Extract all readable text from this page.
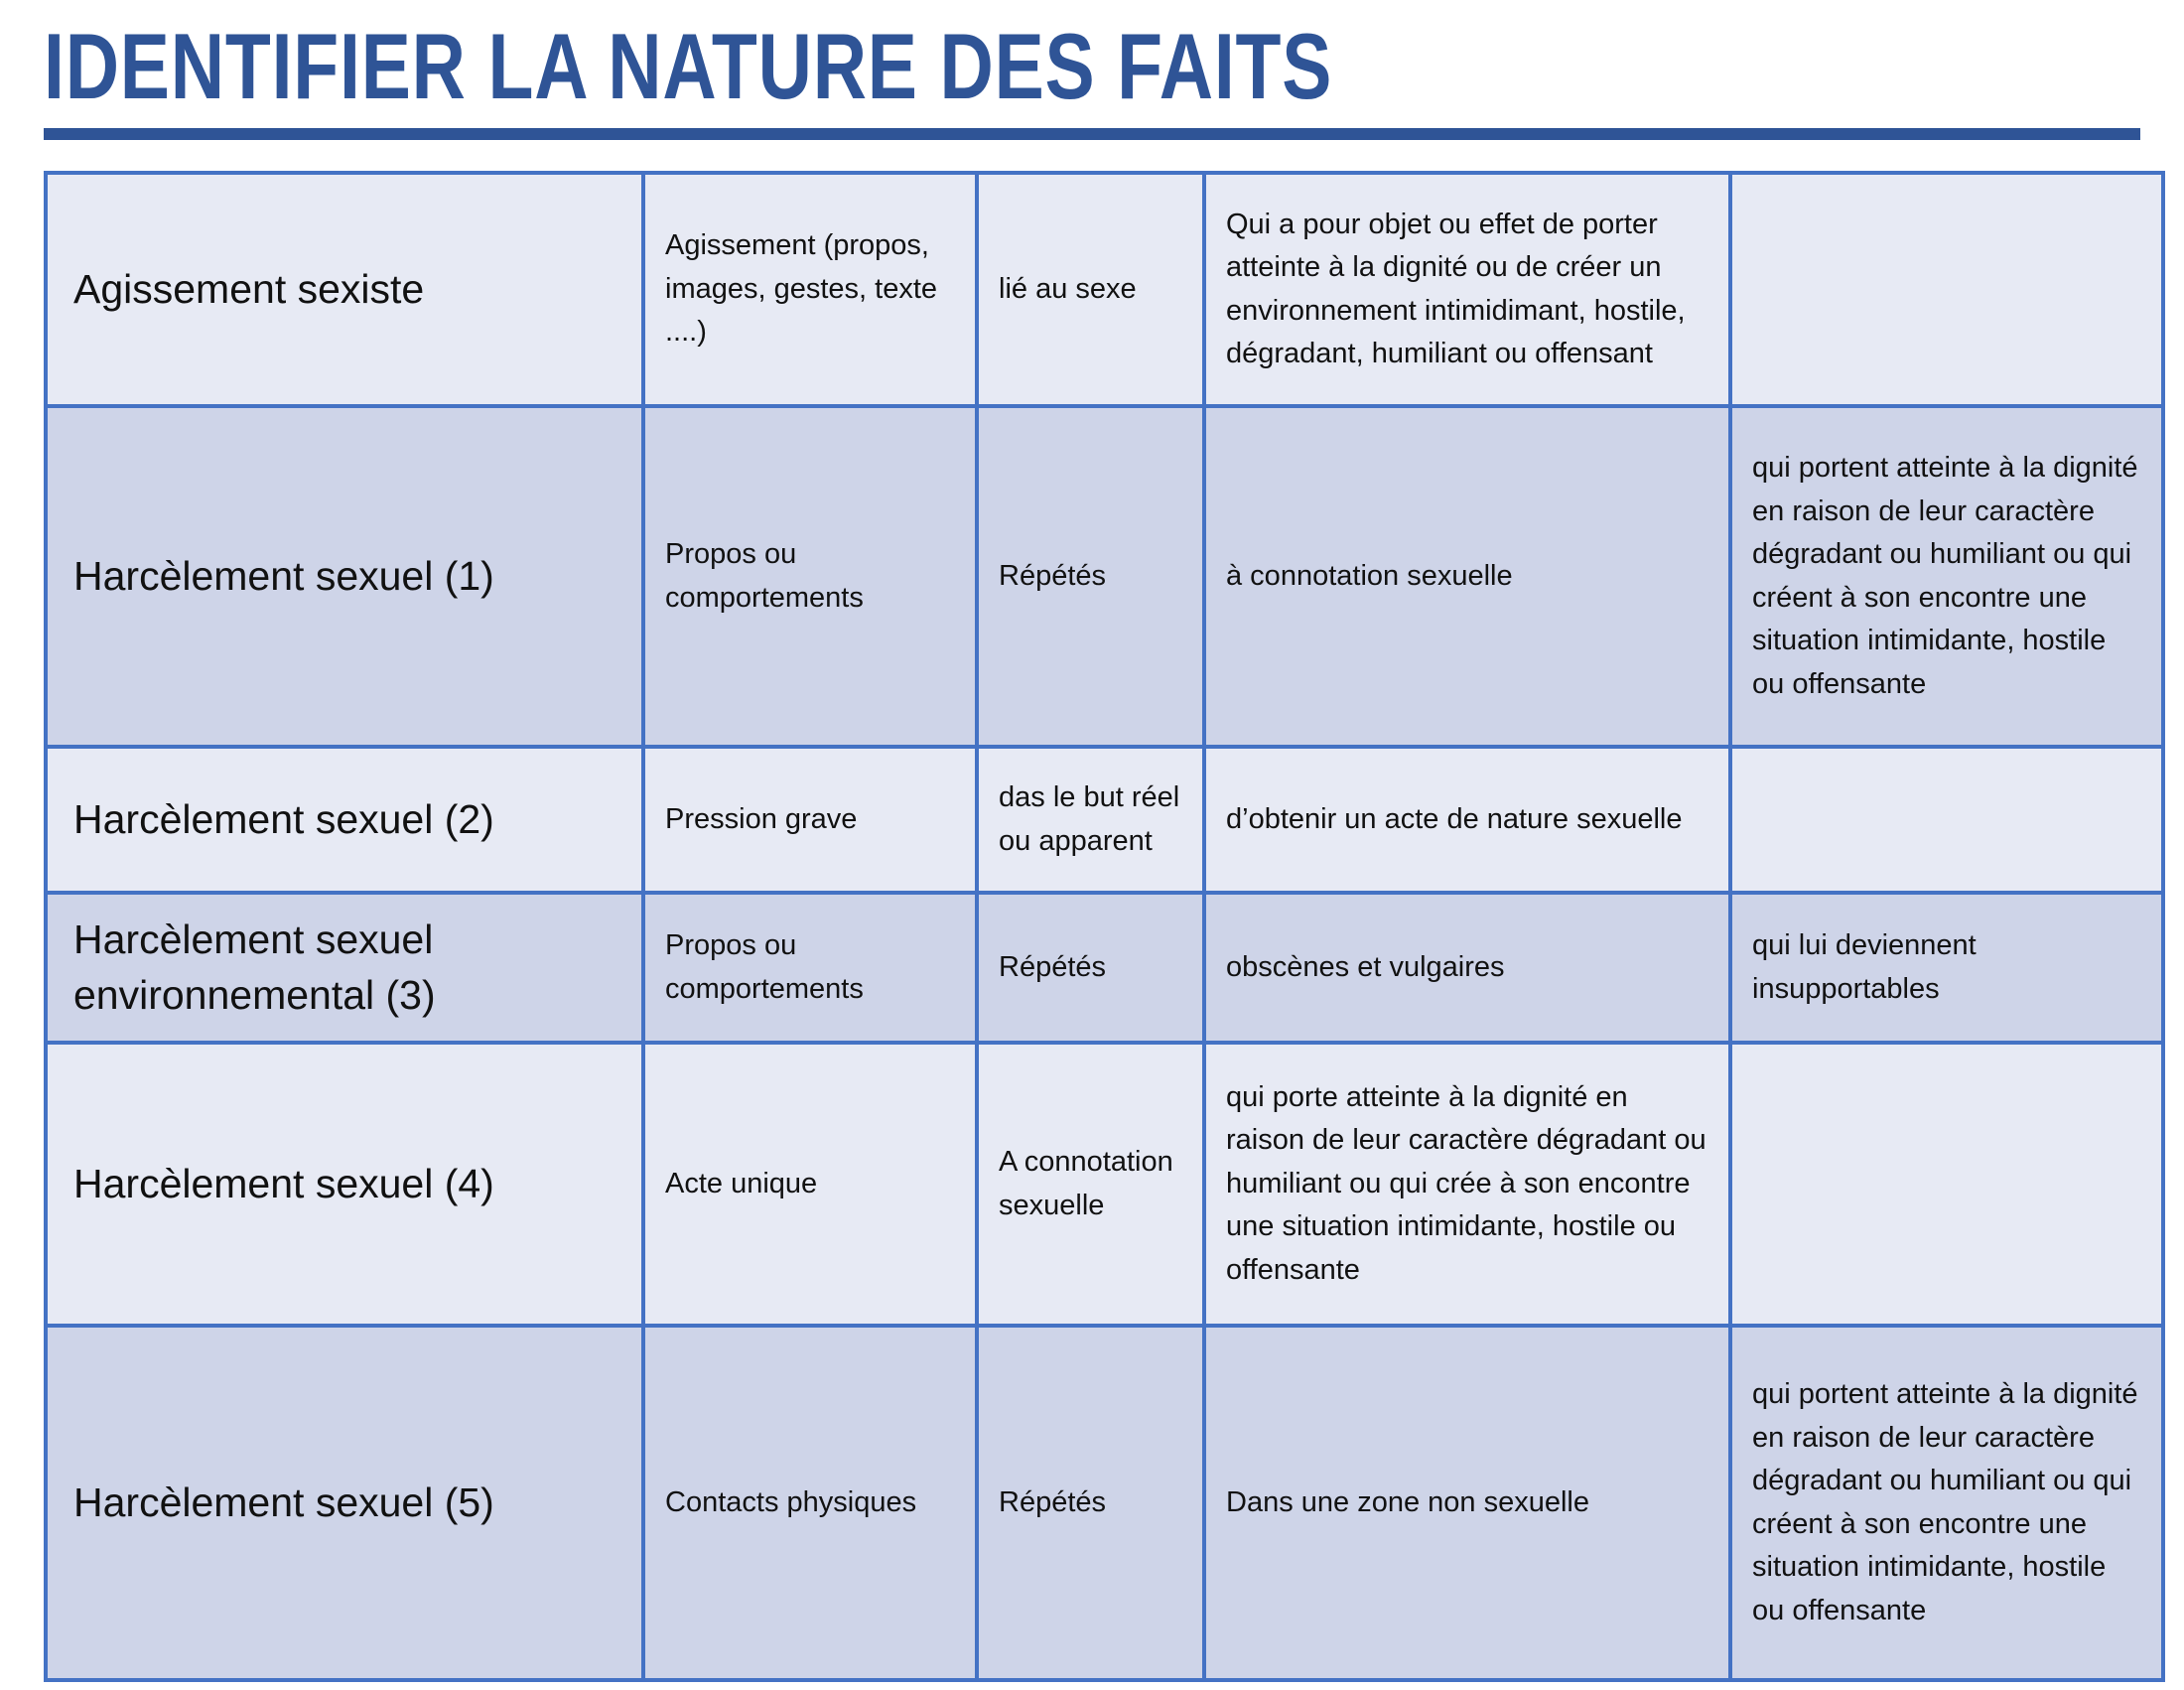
IDENTIFIER LA NATURE DES FAITS
Agissement sexiste	Agissement (propos, images, gestes, texte ....)	lié au sexe	Qui a pour objet ou effet de porter atteinte à la dignité ou de créer un environnement intimidimant, hostile, dégradant, humiliant ou offensant	
Harcèlement sexuel (1)	Propos ou comportements	Répétés	à connotation sexuelle	qui portent atteinte à la dignité en raison de leur caractère dégradant ou humiliant ou qui créent à son encontre une situation intimidante, hostile ou offensante
Harcèlement sexuel (2)	Pression grave	das le but réel ou apparent	d’obtenir un acte de nature sexuelle	
Harcèlement sexuel environnemental (3)	Propos ou comportements	Répétés	obscènes et vulgaires	qui lui deviennent insupportables
Harcèlement sexuel (4)	Acte unique	A connotation sexuelle	qui porte atteinte à la dignité en raison de leur caractère dégradant ou humiliant ou qui crée à son encontre une situation intimidante, hostile ou offensante	
Harcèlement sexuel (5)	Contacts physiques	Répétés	Dans une zone non sexuelle	qui portent atteinte à la dignité en raison de leur caractère dégradant ou humiliant ou qui créent à son encontre une situation intimidante, hostile ou offensante
